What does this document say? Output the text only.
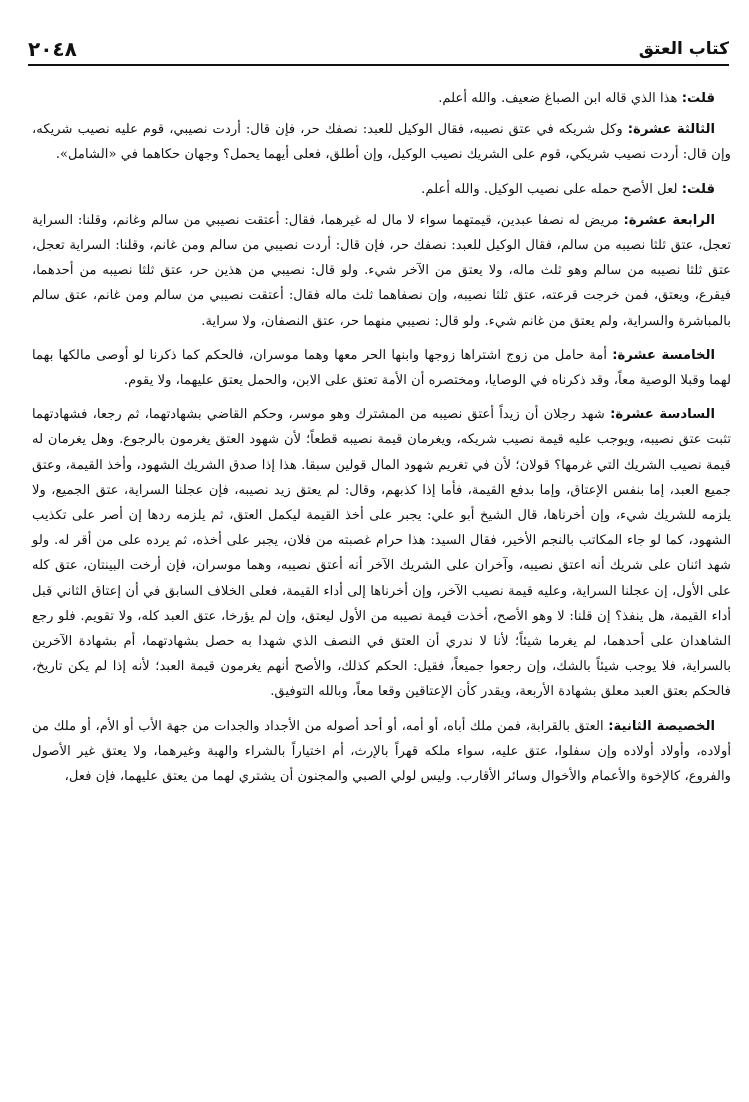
٢٠٤٨	كتاب العتق

قلت: هذا الذي قاله ابن الصباغ ضعيف. والله أعلم.

الثالثة عشرة: وكل شريكه في عتق نصيبه، فقال الوكيل للعبد: نصفك حر، فإن قال: أردت نصيبي، قوم عليه نصيب شريكه، وإن قال: أردت نصيب شريكي، قوم على الشريك نصيب الوكيل، وإن أطلق، فعلى أيهما يحمل؟ وجهان حكاهما في «الشامل».

قلت: لعل الأصح حمله على نصيب الوكيل. والله أعلم.

الرابعة عشرة: مريض له نصفا عبدين، قيمتهما سواء لا مال له غيرهما، فقال: أعتقت نصيبي من سالم وغانم، وقلنا: السراية تعجل، عتق ثلثا نصيبه من سالم، فقال الوكيل للعبد: نصفك حر، فإن قال: أردت نصيبي من سالم ومن غانم، وقلنا: السراية تعجل، عتق ثلثا نصيبه من سالم وهو ثلث ماله، ولا يعتق من الآخر شيء. ولو قال: نصيبي من هذين حر، عتق ثلثا نصيبه من أحدهما، فيقرع، ويعتق، فمن خرجت قرعته، عتق ثلثا نصيبه، وإن نصفاهما ثلث ماله فقال: أعتقت نصيبي من سالم ومن غانم، عتق سالم بالمباشرة والسراية، ولم يعتق من غانم شيء. ولو قال: نصيبي منهما حر، عتق النصفان، ولا سراية.

الخامسة عشرة: أمة حامل من زوج اشتراها زوجها وابنها الحر معها وهما موسران، فالحكم كما ذكرنا لو أوصى مالكها بهما لهما وقبلا الوصية معاً، وقد ذكرناه في الوصايا، ومختصره أن الأمة تعتق على الابن، والحمل يعتق عليهما، ولا يقوم.

السادسة عشرة: شهد رجلان أن زيداً أعتق نصيبه من المشترك وهو موسر، وحكم القاضي بشهادتهما، ثم رجعا، فشهادتهما تثبت عتق نصيبه، ويوجب عليه قيمة نصيب شريكه، ويغرمان قيمة نصيبه قطعاً؛ لأن شهود العتق يغرمون بالرجوع. وهل يغرمان له قيمة نصيب الشريك التي غرمها؟ قولان؛ لأن في تغريم شهود المال قولين سبقا. هذا إذا صدق الشريك الشهود، وأخذ القيمة، وعتق جميع العبد، إما بنفس الإعتاق، وإما بدفع القيمة، فأما إذا كذبهم، وقال: لم يعتق زيد نصيبه، فإن عجلنا السراية، عتق الجميع، ولا يلزمه للشريك شيء، وإن أخرناها، قال الشيخ أبو علي: يجبر على أخذ القيمة ليكمل العتق، ثم يلزمه ردها إن أصر على تكذيب الشهود، كما لو جاء المكاتب بالنجم الأخير، فقال السيد: هذا حرام غصبته من فلان، يجبر على أخذه، ثم يرده على من أقر له. ولو شهد اثنان على شريك أنه اعتق نصيبه، وآخران على الشريك الآخر أنه أعتق نصيبه، وهما موسران، فإن أرخت البينتان، عتق كله على الأول، إن عجلنا السراية، وعليه قيمة نصيب الآخر، وإن أخرناها إلى أداء القيمة، فعلى الخلاف السابق في أن إعتاق الثاني قبل أداء القيمة، هل ينفذ؟ إن قلنا: لا وهو الأصح، أخذت قيمة نصيبه من الأول ليعتق، وإن لم يؤرخا، عتق العبد كله، ولا تقويم. فلو رجع الشاهدان على أحدهما، لم يغرما شيئاً؛ لأنا لا ندري أن العتق في النصف الذي شهدا به حصل بشهادتهما، أم بشهادة الآخرين بالسراية، فلا يوجب شيئاً بالشك، وإن رجعوا جميعاً، فقيل: الحكم كذلك، والأصح أنهم يغرمون قيمة العبد؛ لأنه إذا لم يكن تاريخ، فالحكم بعتق العبد معلق بشهادة الأربعة، ويقدر كأن الإعتاقين وقعا معاً، وبالله التوفيق.

الخصيصة الثانية: العتق بالقرابة، فمن ملك أباه، أو أمه، أو أحد أصوله من الأجداد والجدات من جهة الأب أو الأم، أو ملك من أولاده، وأولاد أولاده وإن سفلوا، عتق عليه، سواء ملكه قهراً بالإرث، أم اختياراً بالشراء والهبة وغيرهما، ولا يعتق غير الأصول والفروع، كالإخوة والأعمام والأخوال وسائر الأقارب. وليس لولي الصبي والمجنون أن يشتري لهما من يعتق عليهما، فإن فعل،
